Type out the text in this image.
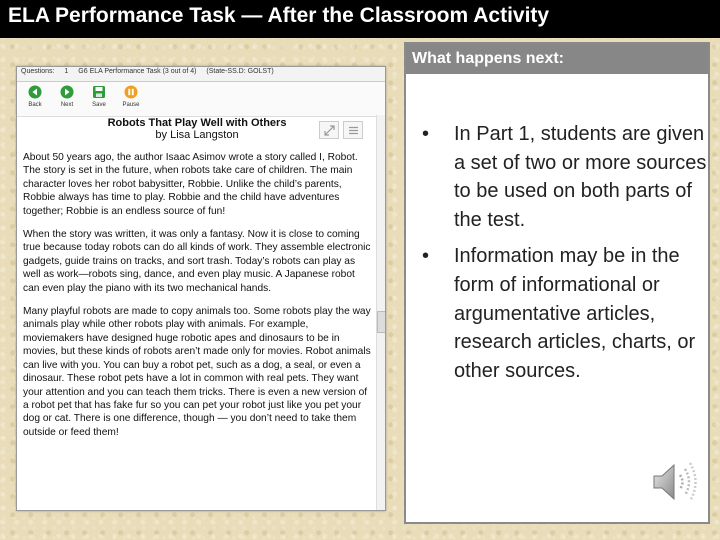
ELA Performance Task — After the Classroom Activity
Questions: 1 G6 ELA Performance Task (3 out of 4) (State-SS.D: GOLST)
Back	Next	Save	Pause
Robots That Play Well with Others
by Lisa Langston

About 50 years ago, the author Isaac Asimov wrote a story called I, Robot. The story is set in the future, when robots take care of children. The main character loves her robot babysitter, Robbie. Unlike the child’s parents, Robbie always has time to play. Robbie and the child have adventures together; Robbie is an endless source of fun!

When the story was written, it was only a fantasy. Now it is close to coming true because today robots can do all kinds of work. They assemble electronic gadgets, guide trains on tracks, and sort trash. Today’s robots can play as well as work—robots sing, dance, and even play music. A Japanese robot can even play the piano with its two mechanical hands.

Many playful robots are made to copy animals too. Some robots play the way animals play while other robots play with animals. For example, moviemakers have designed huge robotic apes and dinosaurs to be in movies, but these kinds of robots aren’t made only for movies. Robot animals can live with you. You can buy a robot pet, such as a dog, a seal, or even a dinosaur. These robot pets have a lot in common with real pets. They want your attention and you can teach them tricks. There is even a new version of a robot pet that has fake fur so you can pet your robot just like you pet your dog or cat. There is one difference, though — you don’t need to take them outside or feed them!

What happens next:
• In Part 1, students are given a set of two or more sources to be used on both parts of the test.
• Information may be in the form of informational or argumentative articles, research articles, charts, or other sources.
